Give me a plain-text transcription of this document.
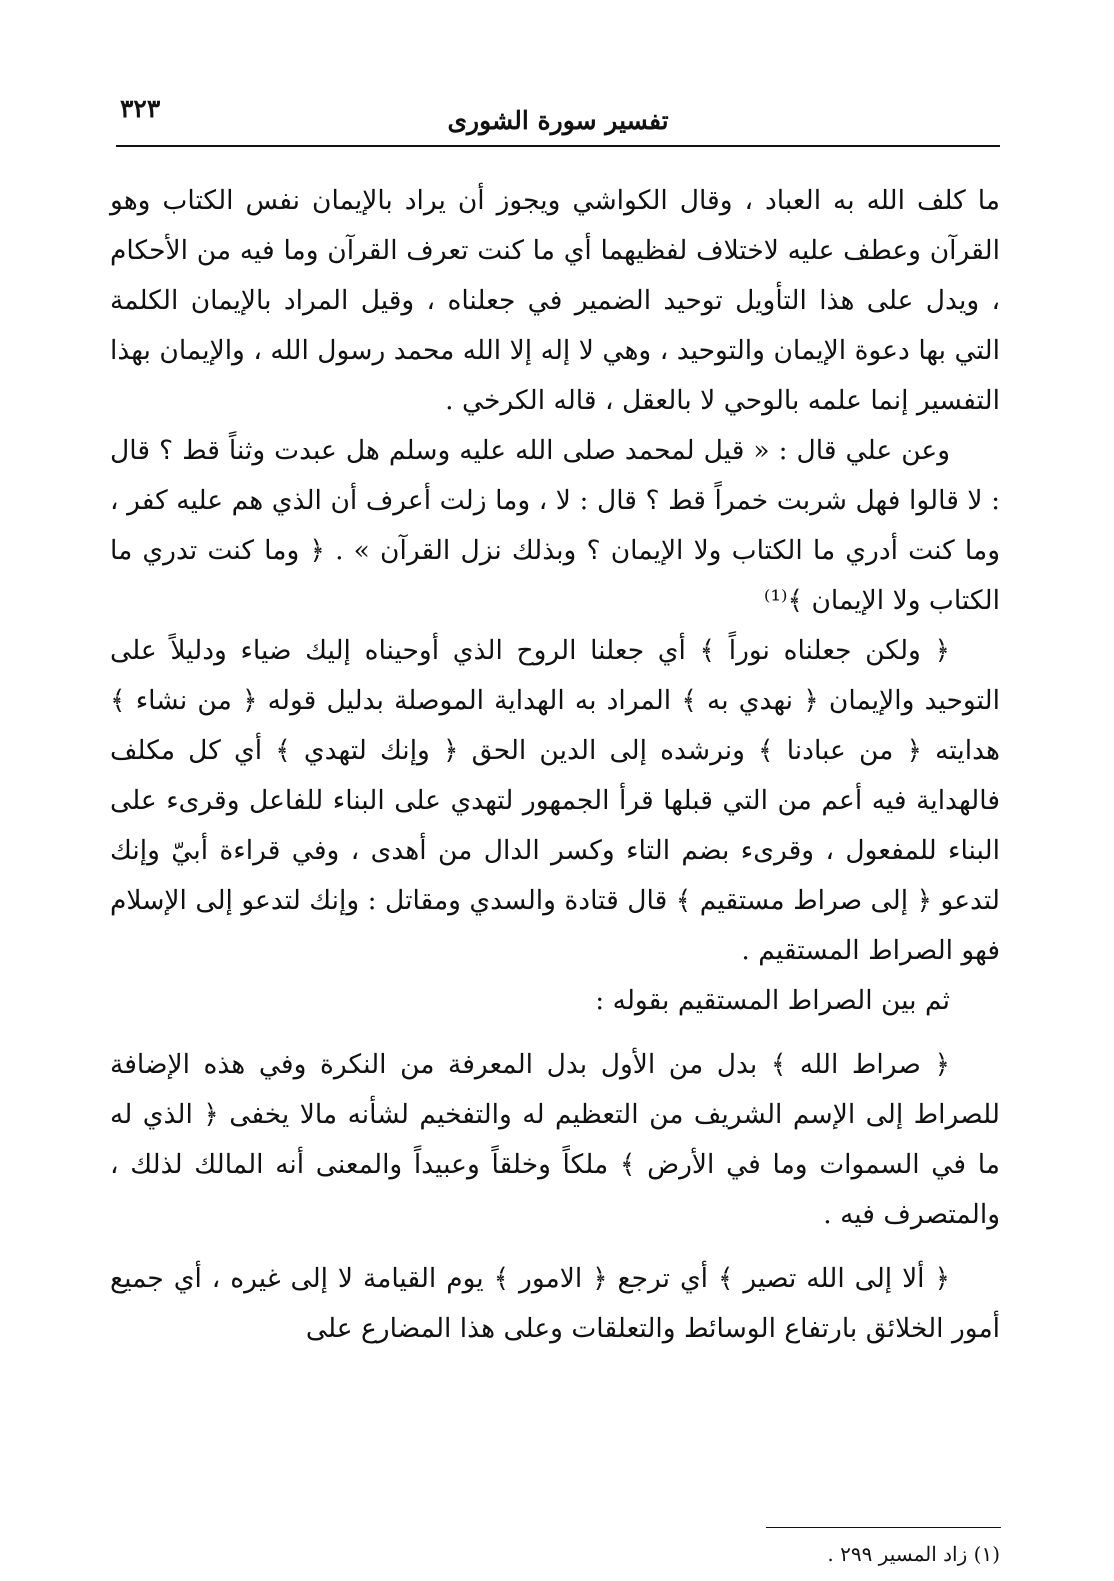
تفسير سورة الشورى
٣٢٣

ما كلف الله به العباد ، وقال الكواشي ويجوز أن يراد بالإيمان نفس الكتاب وهو القرآن وعطف عليه لاختلاف لفظيهما أي ما كنت تعرف القرآن وما فيه من الأحكام ، ويدل على هذا التأويل توحيد الضمير في جعلناه ، وقيل المراد بالإيمان الكلمة التي بها دعوة الإيمان والتوحيد ، وهي لا إله إلا الله محمد رسول الله ، والإيمان بهذا التفسير إنما علمه بالوحي لا بالعقل ، قاله الكرخي .

وعن علي قال : « قيل لمحمد صلى الله عليه وسلم هل عبدت وثناً قط ؟ قال : لا قالوا فهل شربت خمراً قط ؟ قال : لا ، وما زلت أعرف أن الذي هم عليه كفر ، وما كنت أدري ما الكتاب ولا الإيمان ؟ وبذلك نزل القرآن » . ﴿ وما كنت تدري ما الكتاب ولا الإيمان ﴾⁽¹⁾

﴿ ولكن جعلناه نوراً ﴾ أي جعلنا الروح الذي أوحيناه إليك ضياء ودليلاً على التوحيد والإيمان ﴿ نهدي به ﴾ المراد به الهداية الموصلة بدليل قوله ﴿ من نشاء ﴾ هدايته ﴿ من عبادنا ﴾ ونرشده إلى الدين الحق ﴿ وإنك لتهدي ﴾ أي كل مكلف فالهداية فيه أعم من التي قبلها قرأ الجمهور لتهدي على البناء للفاعل وقرىء على البناء للمفعول ، وقرىء بضم التاء وكسر الدال من أهدى ، وفي قراءة أبيّ وإنك لتدعو ﴿ إلى صراط مستقيم ﴾ قال قتادة والسدي ومقاتل : وإنك لتدعو إلى الإسلام فهو الصراط المستقيم .

ثم بين الصراط المستقيم بقوله :

﴿ صراط الله ﴾ بدل من الأول بدل المعرفة من النكرة وفي هذه الإضافة للصراط إلى الإسم الشريف من التعظيم له والتفخيم لشأنه مالا يخفى ﴿ الذي له ما في السموات وما في الأرض ﴾ ملكاً وخلقاً وعبيداً والمعنى أنه المالك لذلك ، والمتصرف فيه .

﴿ ألا إلى الله تصير ﴾ أي ترجع ﴿ الامور ﴾ يوم القيامة لا إلى غيره ، أي جميع أمور الخلائق بارتفاع الوسائط والتعلقات وعلى هذا المضارع على

(١) زاد المسير ٢٩٩ .
